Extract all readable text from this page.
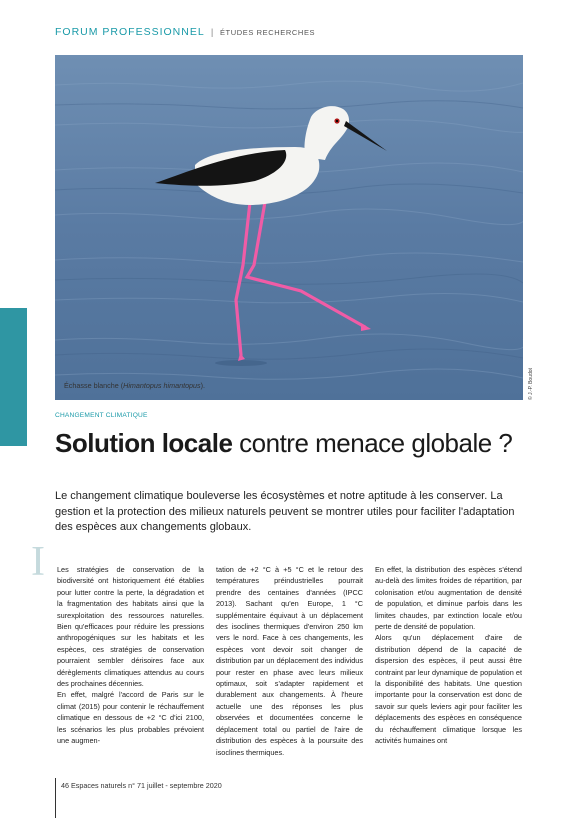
FORUM PROFESSIONNEL | ÉTUDES RECHERCHES
Échasse blanche (Himantopus himantopus).	© J.-P. Boudot
CHANGEMENT CLIMATIQUE
Solution locale contre menace globale ?
Le changement climatique bouleverse les écosystèmes et notre aptitude à les conserver. La gestion et la protection des milieux naturels peuvent se montrer utiles pour faciliter l'adaptation des espèces aux changements globaux.
I Les stratégies de conservation de la biodiversité ont historiquement été établies pour lutter contre la perte, la dégradation et la fragmentation des habitats ainsi que la surexploitation des ressources naturelles. Bien qu'efficaces pour réduire les pressions anthropogéniques sur les habitats et les espèces, ces stratégies de conservation pourraient sembler dérisoires face aux dérèglements climatiques attendus au cours des prochaines décennies.

En effet, malgré l'accord de Paris sur le climat (2015) pour contenir le réchauffement climatique en dessous de +2 °C d'ici 2100, les scénarios les plus probables prévoient une augmen-

tation de +2 °C à +5 °C et le retour des températures préindustrielles pourrait prendre des centaines d'années (IPCC 2013). Sachant qu'en Europe, 1 °C supplémentaire équivaut à un déplacement des isoclines thermiques d'environ 250 km vers le nord. Face à ces changements, les espèces vont devoir soit changer de distribution par un déplacement des individus pour rester en phase avec leurs milieux optimaux, soit s'adapter rapidement et durablement aux changements. À l'heure actuelle une des réponses les plus observées et documentées concerne le déplacement total ou partiel de l'aire de distribution des espèces à la poursuite des isoclines thermiques.

En effet, la distribution des espèces s'étend au-delà des limites froides de répartition, par colonisation et/ou augmentation de densité de population, et diminue parfois dans les limites chaudes, par extinction locale et/ou perte de densité de population.

Alors qu'un déplacement d'aire de distribution dépend de la capacité de dispersion des espèces, il peut aussi être contraint par leur dynamique de population et la disponibilité des habitats. Une question importante pour la conservation est donc de savoir sur quels leviers agir pour faciliter les déplacements des espèces en conséquence du réchauffement climatique lorsque les activités humaines ont

46 Espaces naturels n° 71 juillet - septembre 2020
